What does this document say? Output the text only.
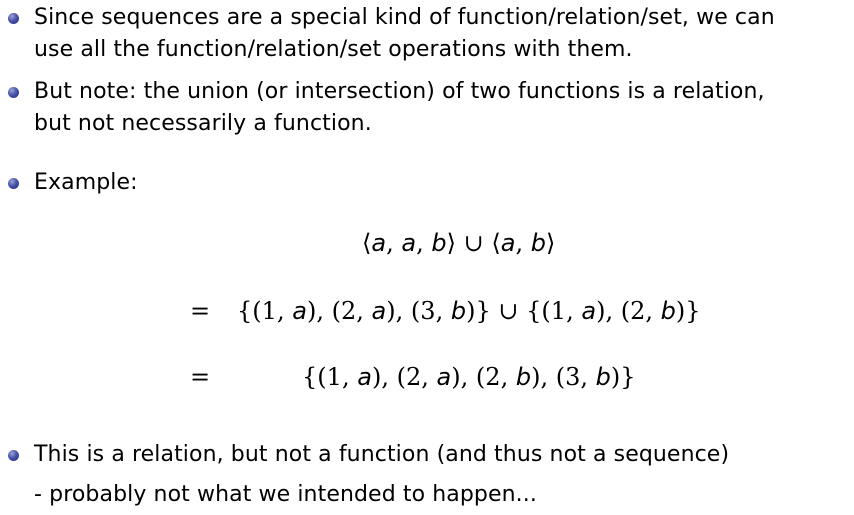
Since sequences are a special kind of function/relation/set, we can
use all the function/relation/set operations with them.
But note: the union (or intersection) of two functions is a relation,
but not necessarily a function.
Example:
⟨a, a, b⟩ ∪ ⟨a, b⟩
= {(1, a), (2, a), (3, b)} ∪ {(1, a), (2, b)}
=	{(1, a), (2, a), (2, b), (3, b)}
This is a relation, but not a function (and thus not a sequence)
- probably not what we intended to happen...
